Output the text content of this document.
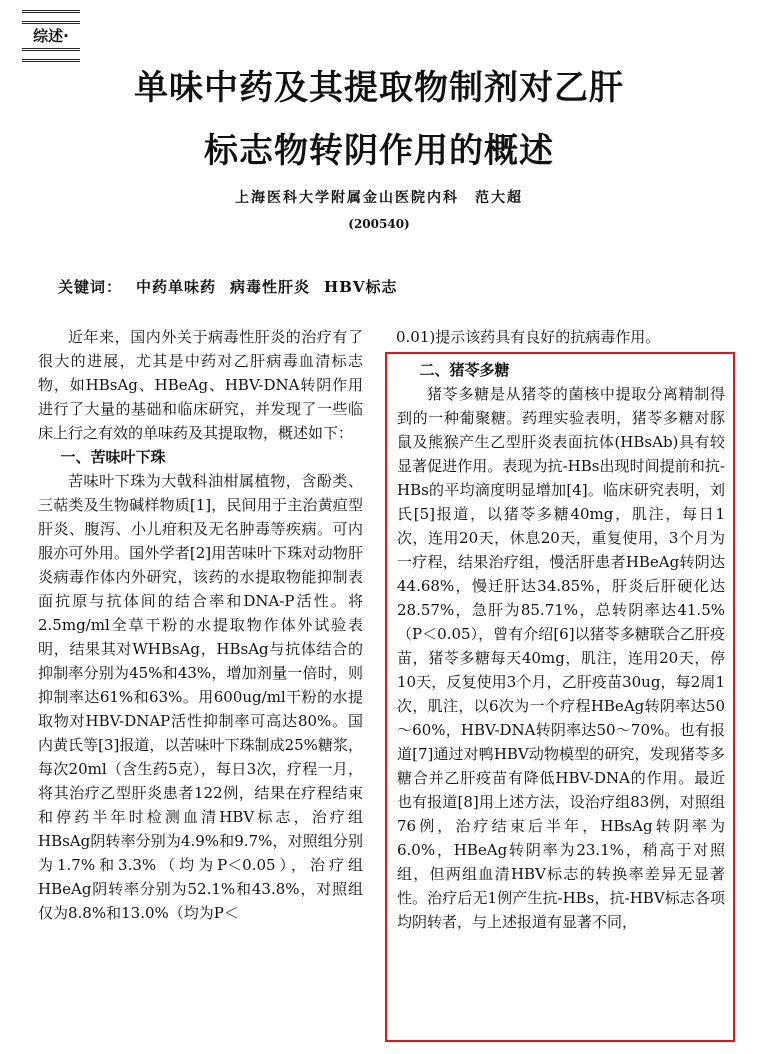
综述·
单味中药及其提取物制剂对乙肝
标志物转阴作用的概述
上海医科大学附属金山医院内科　范大超
(200540)
关键词： 中药单味药 病毒性肝炎 HBV标志

近年来，国内外关于病毒性肝炎的治疗有了很大的进展，尤其是中药对乙肝病毒血清标志物，如HBsAg、HBeAg、HBV-DNA转阴作用进行了大量的基础和临床研究，并发现了一些临床上行之有效的单味药及其提取物，概述如下：

一、苦味叶下珠

苦味叶下珠为大戟科油柑属植物，含酚类、三萜类及生物碱样物质[1]，民间用于主治黄疸型肝炎、腹泻、小儿疳积及无名肿毒等疾病。可内服亦可外用。国外学者[2]用苦味叶下珠对动物肝炎病毒作体内外研究，该药的水提取物能抑制表面抗原与抗体间的结合率和DNA-P活性。将2.5mg/ml全草干粉的水提取物作体外试验表明，结果其对WHBsAg，HBsAg与抗体结合的抑制率分别为45%和43%，增加剂量一倍时，则抑制率达61%和63%。用600ug/ml干粉的水提取物对HBV-DNAP活性抑制率可高达80%。国内黄氏等[3]报道，以苦味叶下珠制成25%糖浆，每次20ml（含生药5克），每日3次，疗程一月，将其治疗乙型肝炎患者122例，结果在疗程结束和停药半年时检测血清HBV标志，治疗组HBsAg阴转率分别为4.9%和9.7%，对照组分别为1.7%和3.3%（均为P＜0.05），治疗组HBeAg阴转率分别为52.1%和43.8%，对照组仅为8.8%和13.0%（均为P＜

0.01)提示该药具有良好的抗病毒作用。
二、猪苓多糖

猪苓多糖是从猪苓的菌核中提取分离精制得到的一种葡聚糖。药理实验表明，猪苓多糖对豚鼠及熊猴产生乙型肝炎表面抗体(HBsAb)具有较显著促进作用。表现为抗-HBs出现时间提前和抗-HBs的平均滴度明显增加[4]。临床研究表明，刘氏[5]报道，以猪苓多糖40mg，肌注，每日1次，连用20天，休息20天，重复使用，3个月为一疗程，结果治疗组，慢活肝患者HBeAg转阴达44.68%，慢迁肝达34.85%，肝炎后肝硬化达28.57%，急肝为85.71%，总转阴率达41.5%（P＜0.05），曾有介绍[6]以猪苓多糖联合乙肝疫苗，猪苓多糖每天40mg，肌注，连用20天，停10天，反复使用3个月，乙肝疫苗30ug，每2周1次，肌注，以6次为一个疗程HBeAg转阴率达50～60%，HBV-DNA转阴率达50～70%。也有报道[7]通过对鸭HBV动物模型的研究，发现猪苓多糖合并乙肝疫苗有降低HBV-DNA的作用。最近也有报道[8]用上述方法，设治疗组83例，对照组76例，治疗结束后半年，HBsAg转阴率为6.0%，HBeAg转阴率为23.1%，稍高于对照组，但两组血清HBV标志的转换率差异无显著性。治疗后无1例产生抗-HBs，抗-HBV标志各项均阴转者，与上述报道有显著不同，
